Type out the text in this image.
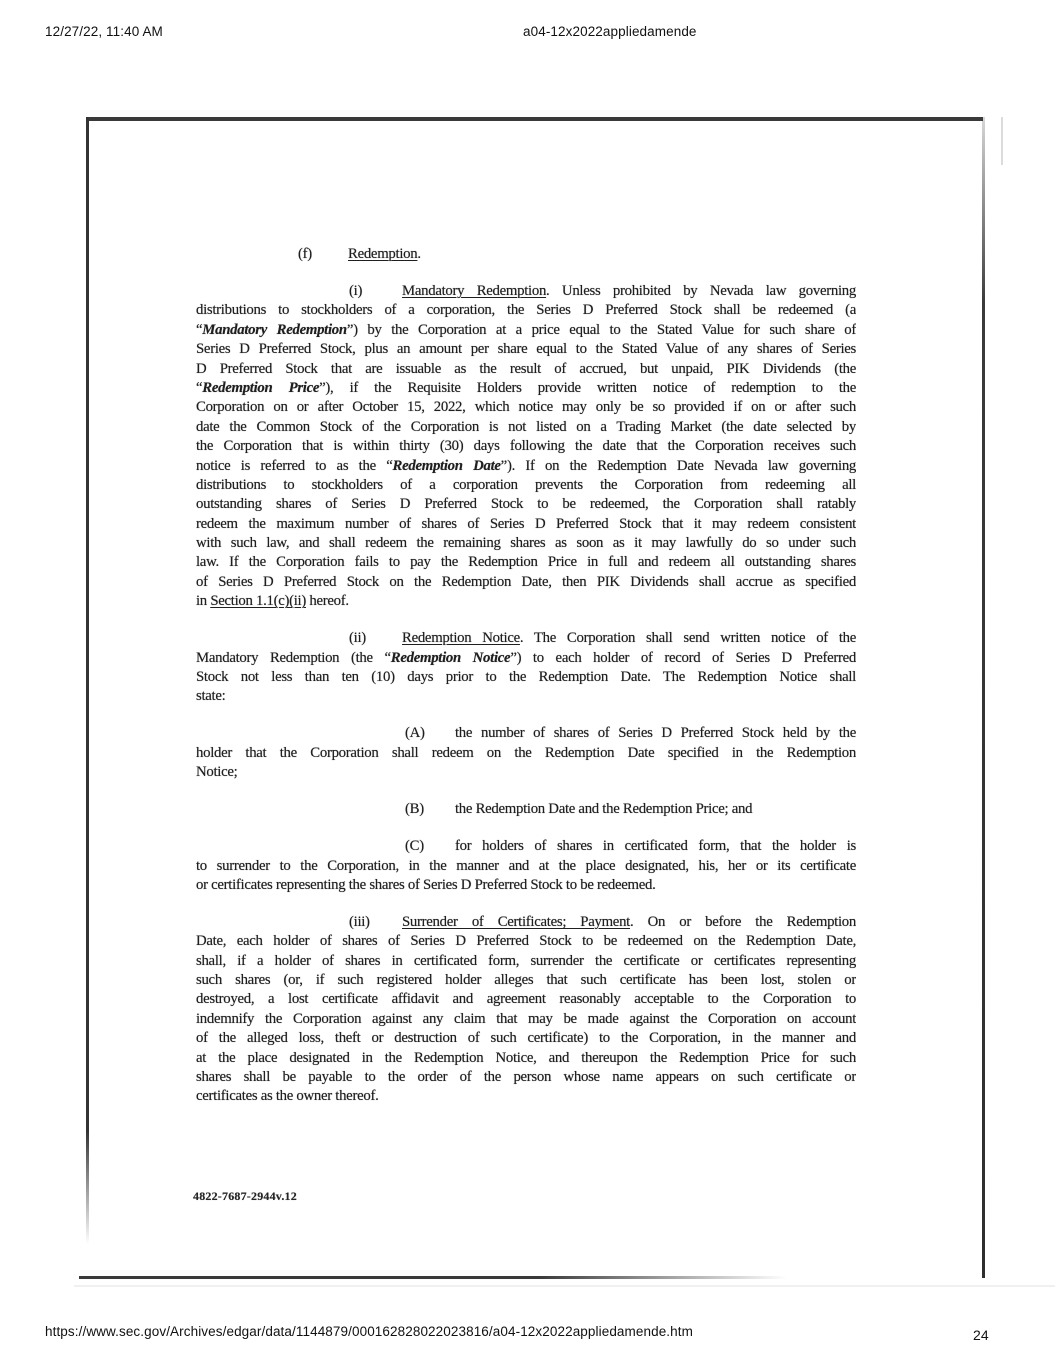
12/27/22, 11:40 AM	a04-12x2022appliedamende
(f) Redemption.
(i)	Mandatory Redemption. Unless prohibited by Nevada law governing
distributions to stockholders of a corporation, the Series D Preferred Stock shall be redeemed (a
“Mandatory Redemption”) by the Corporation at a price equal to the Stated Value for such share of
Series D Preferred Stock, plus an amount per share equal to the Stated Value of any shares of Series
D Preferred Stock that are issuable as the result of accrued, but unpaid, PIK Dividends (the
“Redemption Price”), if the Requisite Holders provide written notice of redemption to the
Corporation on or after October 15, 2022, which notice may only be so provided if on or after such
date the Common Stock of the Corporation is not listed on a Trading Market (the date selected by
the Corporation that is within thirty (30) days following the date that the Corporation receives such
notice is referred to as the “Redemption Date”). If on the Redemption Date Nevada law governing
distributions to stockholders of a corporation prevents the Corporation from redeeming all
outstanding shares of Series D Preferred Stock to be redeemed, the Corporation shall ratably
redeem the maximum number of shares of Series D Preferred Stock that it may redeem consistent
with such law, and shall redeem the remaining shares as soon as it may lawfully do so under such
law. If the Corporation fails to pay the Redemption Price in full and redeem all outstanding shares
of Series D Preferred Stock on the Redemption Date, then PIK Dividends shall accrue as specified
in Section 1.1(c)(ii) hereof.
(ii) Redemption Notice. The Corporation shall send written notice of the
Mandatory Redemption (the “Redemption Notice”) to each holder of record of Series D Preferred
Stock not less than ten (10) days prior to the Redemption Date. The Redemption Notice shall
state:
(A) the number of shares of Series D Preferred Stock held by the
holder that the Corporation shall redeem on the Redemption Date specified in the Redemption
Notice;
(B) the Redemption Date and the Redemption Price; and
(C) for holders of shares in certificated form, that the holder is
to surrender to the Corporation, in the manner and at the place designated, his, her or its certificate
or certificates representing the shares of Series D Preferred Stock to be redeemed.
(iii) Surrender of Certificates; Payment. On or before the Redemption
Date, each holder of shares of Series D Preferred Stock to be redeemed on the Redemption Date,
shall, if a holder of shares in certificated form, surrender the certificate or certificates representing
such shares (or, if such registered holder alleges that such certificate has been lost, stolen or
destroyed, a lost certificate affidavit and agreement reasonably acceptable to the Corporation to
indemnify the Corporation against any claim that may be made against the Corporation on account
of the alleged loss, theft or destruction of such certificate) to the Corporation, in the manner and
at the place designated in the Redemption Notice, and thereupon the Redemption Price for such
shares shall be payable to the order of the person whose name appears on such certificate or
certificates as the owner thereof.
4822-7687-2944v.12
https://www.sec.gov/Archives/edgar/data/1144879/000162828022023816/a04-12x2022appliedamende.htm	24
